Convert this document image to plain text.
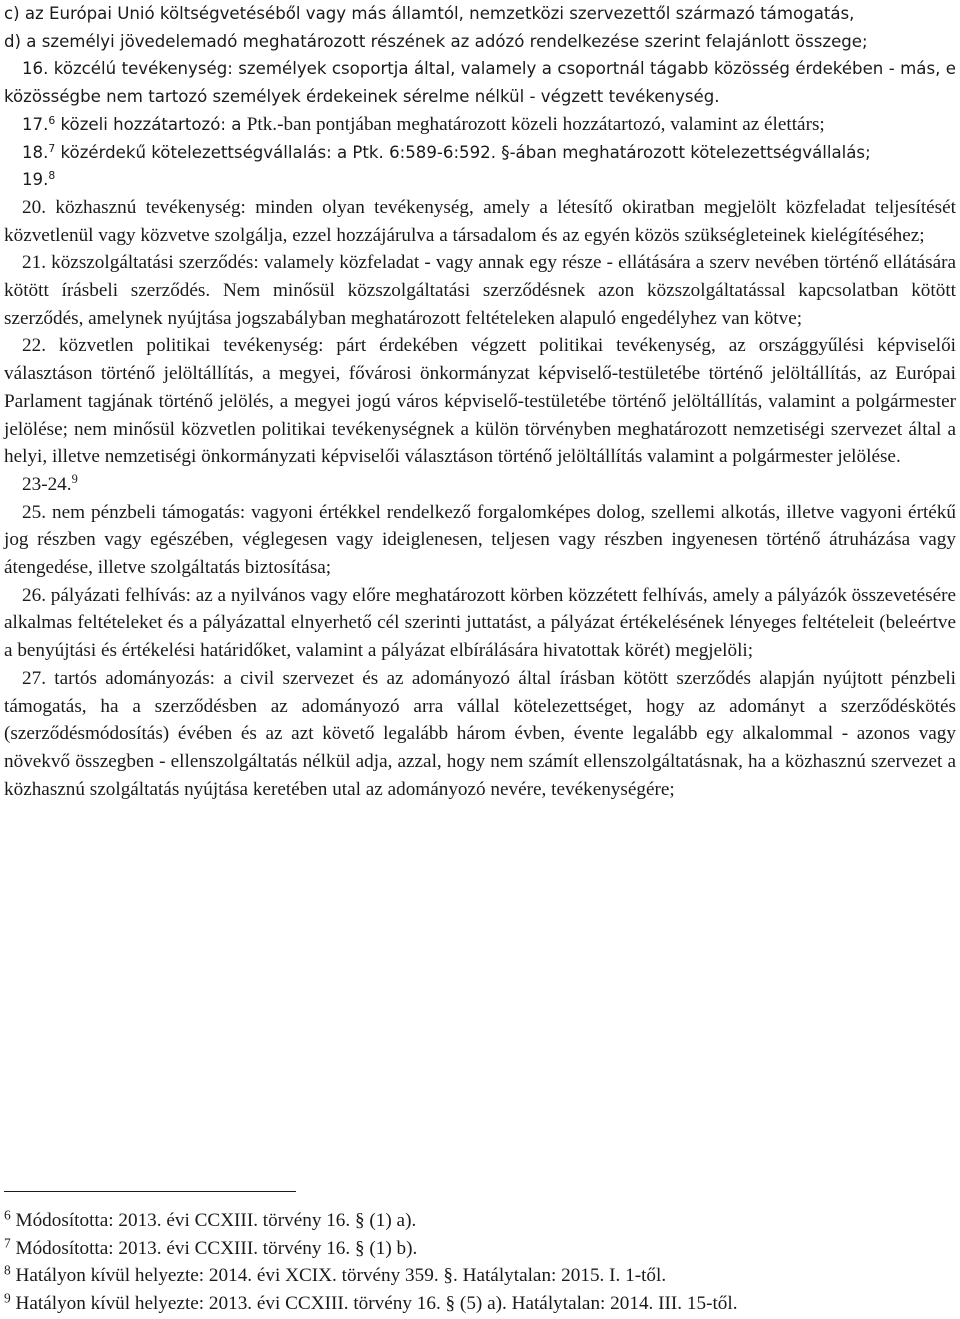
c) az Európai Unió költségvetéséből vagy más államtól, nemzetközi szervezettől származó támogatás,

d) a személyi jövedelemadó meghatározott részének az adózó rendelkezése szerint felajánlott összege;

16. közcélú tevékenység: személyek csoportja által, valamely a csoportnál tágabb közösség érdekében - más, e közösségbe nem tartozó személyek érdekeinek sérelme nélkül - végzett tevékenység.

17.$^6$ közeli hozzátartozó: a Ptk.-ban pontjában meghatározott közeli hozzátartozó, valamint az élettárs;

18.$^7$ közérdekű kötelezettségvállalás: a Ptk. 6:589-6:592. §-ában meghatározott kötelezettségvállalás;

19.$^8$

20. közhasznú tevékenység: minden olyan tevékenység, amely a létesítő okiratban megjelölt közfeladat teljesítését közvetlenül vagy közvetve szolgálja, ezzel hozzájárulva a társadalom és az egyén közös szükségleteinek kielégítéséhez;

21. közszolgáltatási szerződés: valamely közfeladat - vagy annak egy része - ellátására a szerv nevében történő ellátására kötött írásbeli szerződés. Nem minősül közszolgáltatási szerződésnek azon közszolgáltatással kapcsolatban kötött szerződés, amelynek nyújtása jogszabályban meghatározott feltételeken alapuló engedélyhez van kötve;

22. közvetlen politikai tevékenység: párt érdekében végzett politikai tevékenység, az országgyűlési képviselői választáson történő jelöltállítás, a megyei, fővárosi önkormányzat képviselő-testületébe történő jelöltállítás, az Európai Parlament tagjának történő jelölés, a megyei jogú város képviselő-testületébe történő jelöltállítás, valamint a polgármester jelölése; nem minősül közvetlen politikai tevékenységnek a külön törvényben meghatározott nemzetiségi szervezet által a helyi, illetve nemzetiségi önkormányzati képviselői választáson történő jelöltállítás valamint a polgármester jelölése.

23-24.$^9$

25. nem pénzbeli támogatás: vagyoni értékkel rendelkező forgalomképes dolog, szellemi alkotás, illetve vagyoni értékű jog részben vagy egészében, véglegesen vagy ideiglenesen, teljesen vagy részben ingyenesen történő átruházása vagy átengedése, illetve szolgáltatás biztosítása;

26. pályázati felhívás: az a nyilvános vagy előre meghatározott körben közzétett felhívás, amely a pályázók összevetésére alkalmas feltételeket és a pályázattal elnyerhető cél szerinti juttatást, a pályázat értékelésének lényeges feltételeit (beleértve a benyújtási és értékelési határidőket, valamint a pályázat elbírálására hivatottak körét) megjelöli;

27. tartós adományozás: a civil szervezet és az adományozó által írásban kötött szerződés alapján nyújtott pénzbeli támogatás, ha a szerződésben az adományozó arra vállal kötelezettséget, hogy az adományt a szerződéskötés (szerződésmódosítás) évében és az azt követő legalább három évben, évente legalább egy alkalommal - azonos vagy növekvő összegben - ellenszolgáltatás nélkül adja, azzal, hogy nem számít ellenszolgáltatásnak, ha a közhasznú szervezet a közhasznú szolgáltatás nyújtása keretében utal az adományozó nevére, tevékenységére;

$^6$ Módosította: 2013. évi CCXIII. törvény 16. § (1) a).

$^7$ Módosította: 2013. évi CCXIII. törvény 16. § (1) b).

$^8$ Hatályon kívül helyezte: 2014. évi XCIX. törvény 359. §. Hatálytalan: 2015. I. 1-től.

$^9$ Hatályon kívül helyezte: 2013. évi CCXIII. törvény 16. § (5) a). Hatálytalan: 2014. III. 15-től.
